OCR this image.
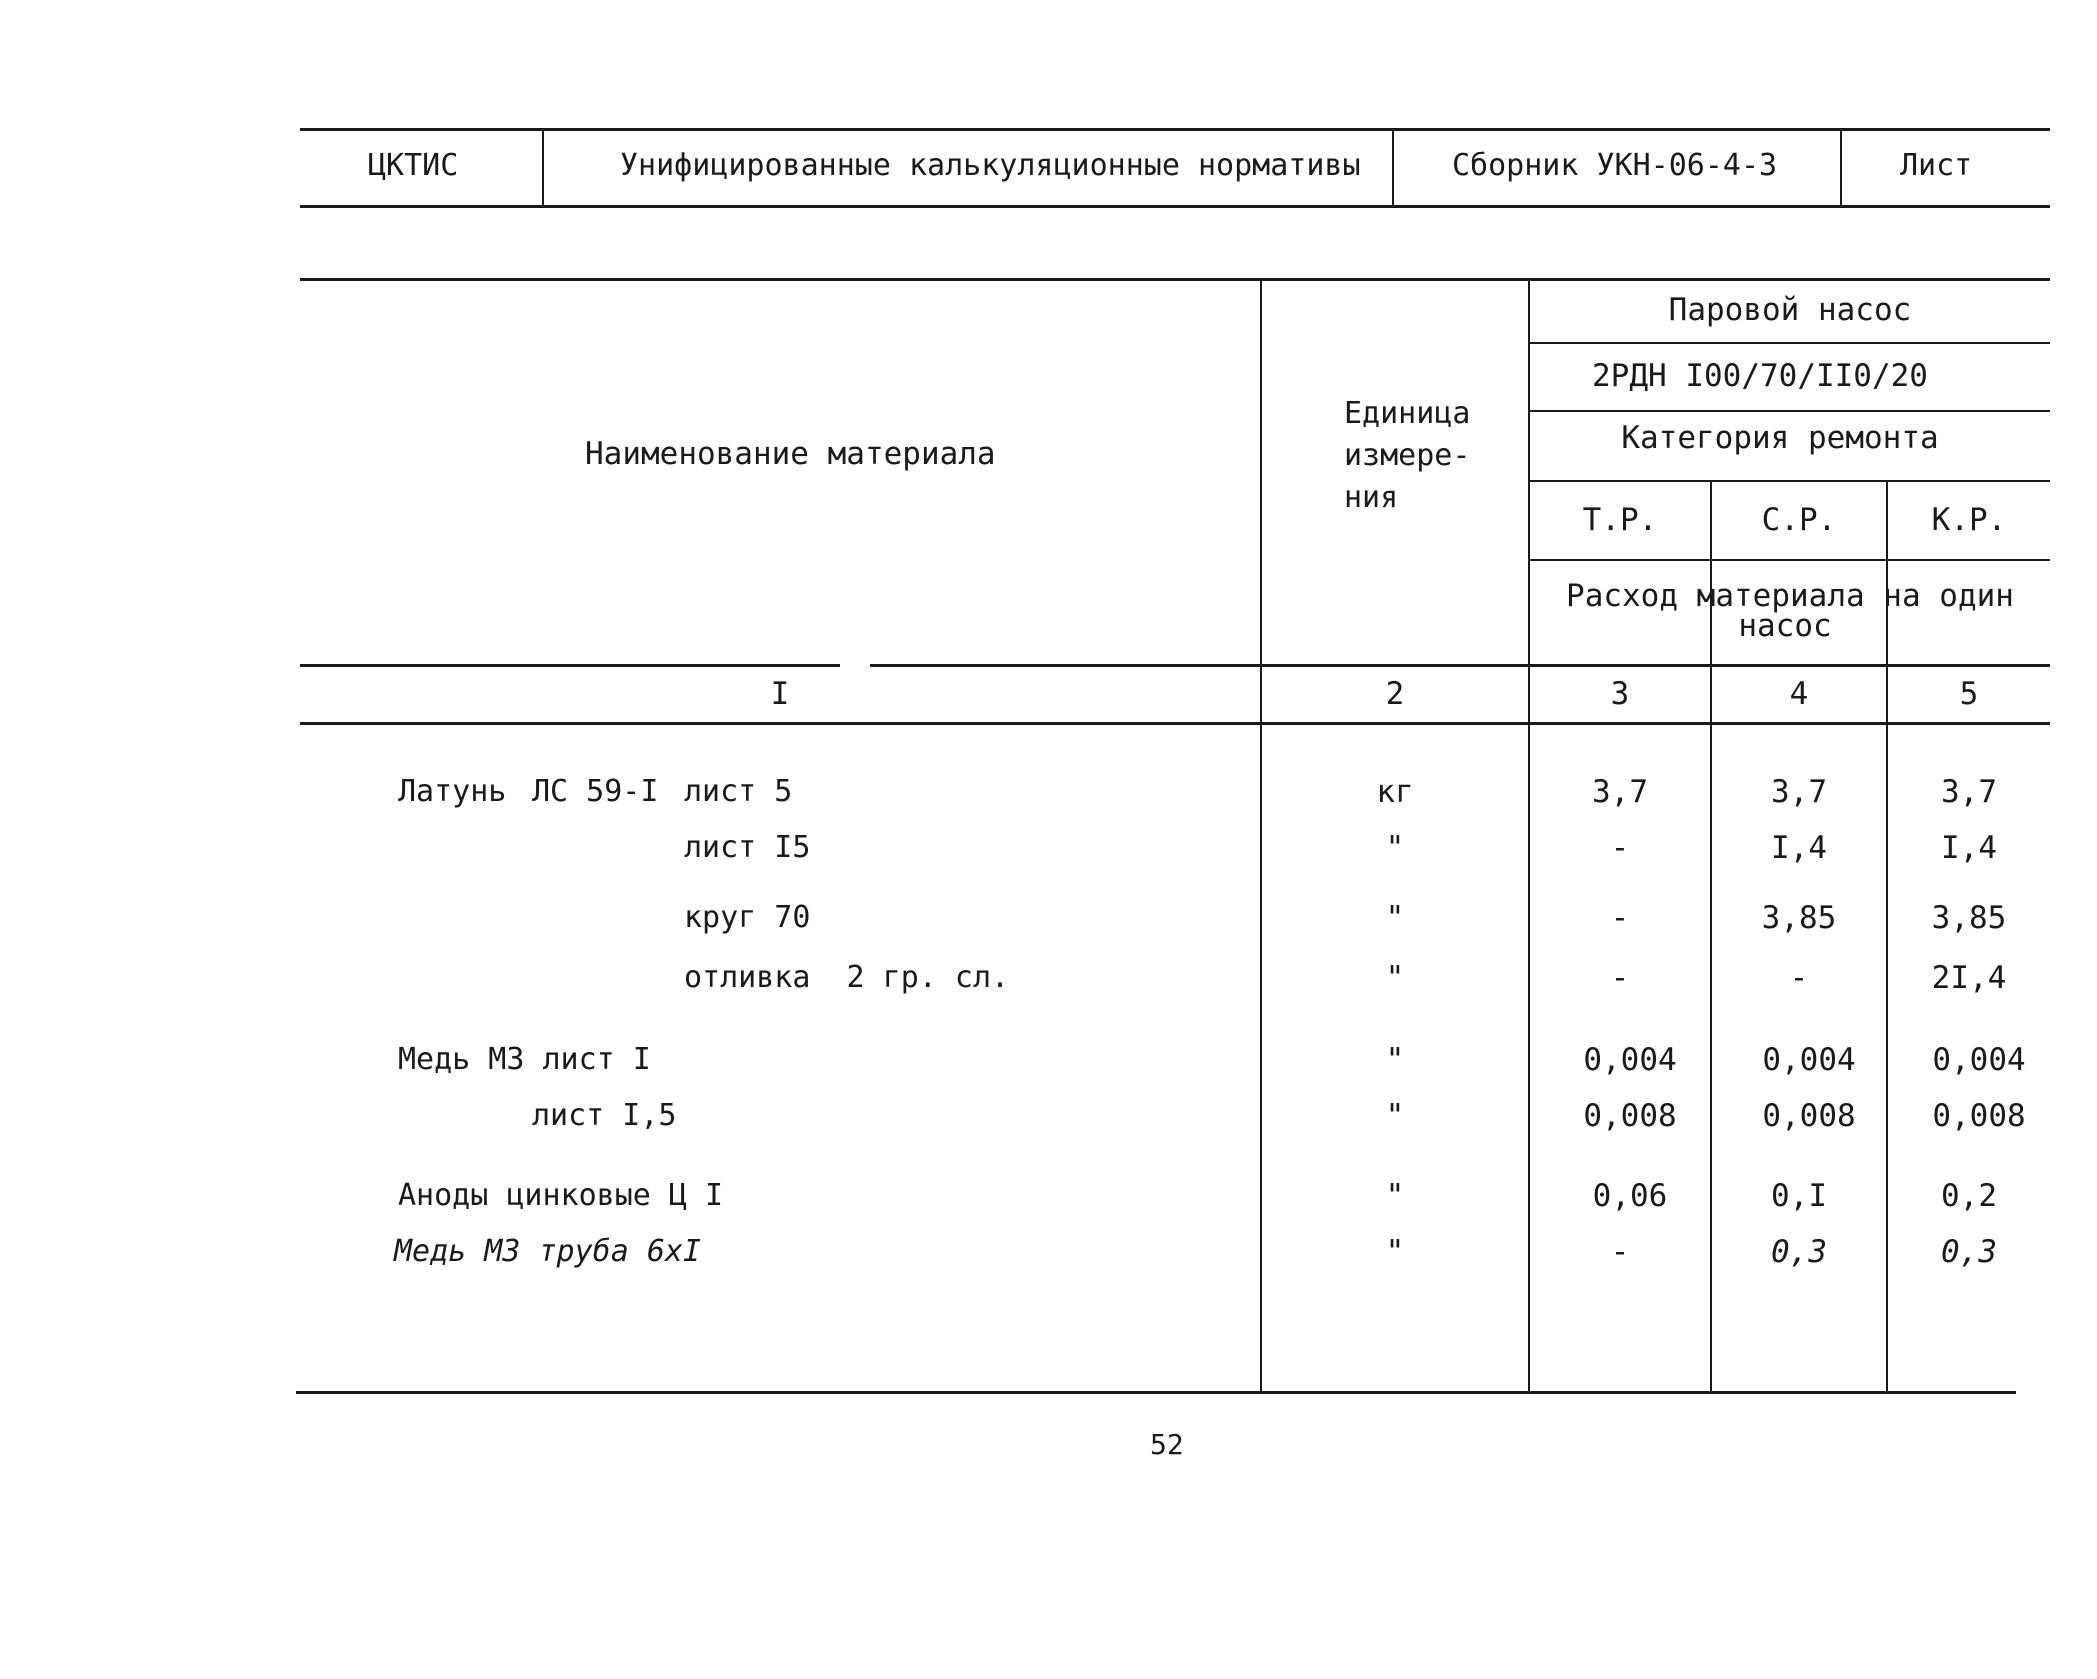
ЦКТИС	Унифицированные калькуляционные нормативы	Сборник УКН-06-4-3	Лист
Наименование материала
Единица
измере-
ния
Паровой насос
2РДН I00/70/II0/20
Категория ремонта
Т.Р.	С.Р.	К.Р.
Расход материала на один
насос
I	2	3	4	5
Латунь ЛС 59-I лист 5	кг	3,7	3,7	3,7
лист I5	"	-	I,4	I,4
круг 70	"	-	3,85	3,85
отливка  2 гр. сл.	"	-	-	2I,4
Медь МЗ лист I	"	0,004	0,004	0,004
лист I,5	"	0,008	0,008	0,008
Аноды цинковые Ц I	"	0,06	0,I	0,2
Медь МЗ труба 6хI	"	-	0,3	0,3
52
